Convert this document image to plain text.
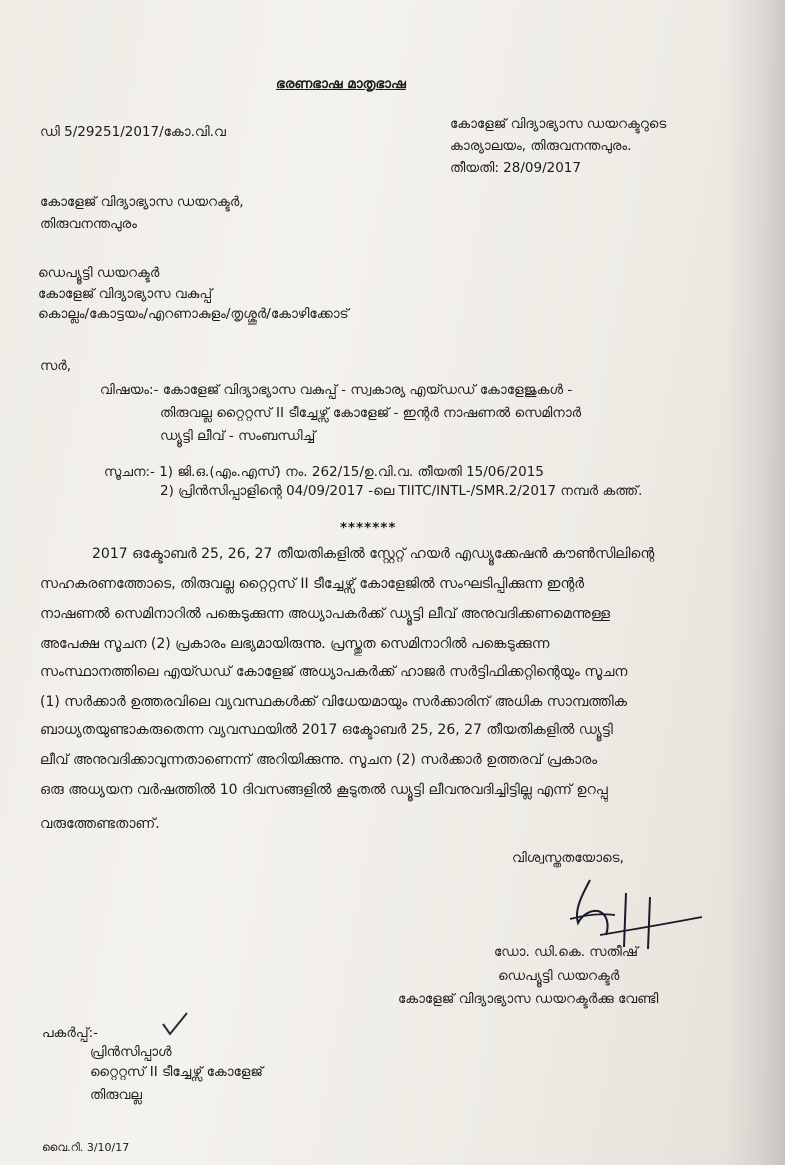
ഭരണഭാഷ മാതൃഭാഷ
ഡി 5/29251/2017/കോ.വി.വ	കോളേജ് വിദ്യാഭ്യാസ ഡയറക്ടറുടെ
കാര്യാലയം, തിരുവനന്തപുരം.
തീയതി: 28/09/2017
കോളേജ് വിദ്യാഭ്യാസ ഡയറക്ടർ,
തിരുവനന്തപുരം
ഡെപ്യൂട്ടി ഡയറക്ടർ
കോളേജ് വിദ്യാഭ്യാസ വകുപ്പ്
കൊല്ലം/കോട്ടയം/എറണാകുളം/തൃശ്ശൂർ/കോഴിക്കോട്
സർ,
വിഷയം:- കോളേജ് വിദ്യാഭ്യാസ വകുപ്പ് - സ്വകാര്യ എയ്ഡഡ് കോളേജുകൾ -
തിരുവല്ല റ്റൈറ്റസ് II ടീച്ചേഴ്സ് കോളേജ് - ഇന്റർ നാഷണൽ സെമിനാർ
ഡ്യൂട്ടി ലീവ് - സംബന്ധിച്ച്
സൂചന:- 1) ജി.ഒ.(എം.എസ്) നം. 262/15/ഉ.വി.വ. തീയതി 15/06/2015
2) പ്രിൻസിപ്പാളിന്റെ 04/09/2017 -ലെ TIITC/INTL-/SMR.2/2017 നമ്പർ കത്ത്.
*******
2017 ഒക്ടോബർ 25, 26, 27 തീയതികളിൽ സ്റ്റേറ്റ് ഹയർ എഡ്യൂക്കേഷൻ കൗൺസിലിന്റെ
സഹകരണത്തോടെ, തിരുവല്ല റ്റൈറ്റസ് II ടീച്ചേഴ്സ് കോളേജിൽ സംഘടിപ്പിക്കുന്ന ഇന്റർ
നാഷണൽ സെമിനാറിൽ പങ്കെടുക്കുന്ന അധ്യാപകർക്ക് ഡ്യൂട്ടി ലീവ് അനുവദിക്കണമെന്നുള്ള
അപേക്ഷ സൂചന (2) പ്രകാരം ലഭ്യമായിരുന്നു. പ്രസ്തുത സെമിനാറിൽ പങ്കെടുക്കുന്ന
സംസ്ഥാനത്തിലെ എയ്ഡഡ് കോളേജ് അധ്യാപകർക്ക് ഹാജർ സർട്ടിഫിക്കറ്റിന്റെയും സൂചന
(1) സർക്കാർ ഉത്തരവിലെ വ്യവസ്ഥകൾക്ക് വിധേയമായും സർക്കാരിന് അധിക സാമ്പത്തിക
ബാധ്യതയുണ്ടാകരുതെന്ന വ്യവസ്ഥയിൽ 2017 ഒക്ടോബർ 25, 26, 27 തീയതികളിൽ ഡ്യൂട്ടി
ലീവ് അനുവദിക്കാവുന്നതാണെന്ന് അറിയിക്കുന്നു. സൂചന (2) സർക്കാർ ഉത്തരവ് പ്രകാരം
ഒരു അധ്യയന വർഷത്തിൽ 10 ദിവസങ്ങളിൽ കൂടുതൽ ഡ്യൂട്ടി ലീവനുവദിച്ചിട്ടില്ല എന്ന് ഉറപ്പു
വരുത്തേണ്ടതാണ്.
വിശ്വസ്തതയോടെ,
ഡോ. ഡി.കെ. സതീഷ്
ഡെപ്യൂട്ടി ഡയറക്ടർ
കോളേജ് വിദ്യാഭ്യാസ ഡയറക്ടർക്കു വേണ്ടി
പകർപ്പ്:-
പ്രിൻസിപ്പാൾ
റ്റൈറ്റസ് II ടീച്ചേഴ്സ് കോളേജ്
തിരുവല്ല
വൈ.റി. 3/10/17
